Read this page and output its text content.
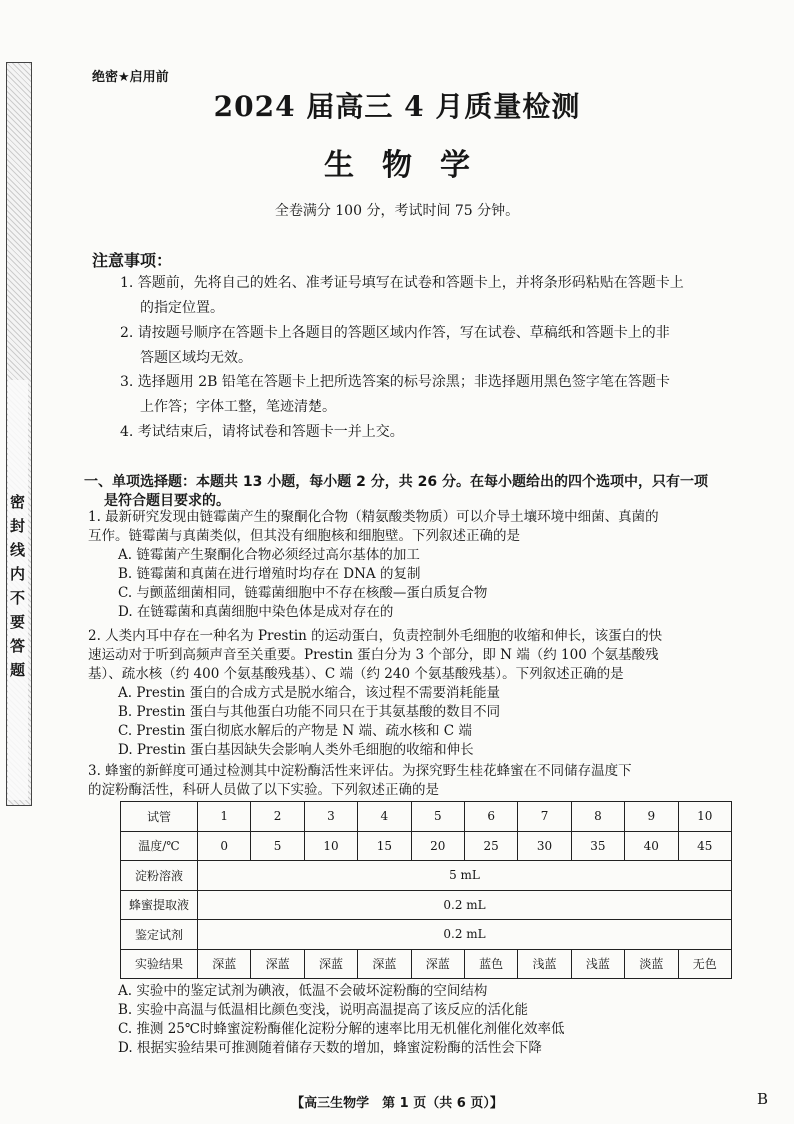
密封线内不要答题
绝密★启用前
2024 届高三 4 月质量检测
生物学
全卷满分 100 分，考试时间 75 分钟。
注意事项：
1. 答题前，先将自己的姓名、准考证号填写在试卷和答题卡上，并将条形码粘贴在答题卡上
的指定位置。
2. 请按题号顺序在答题卡上各题目的答题区域内作答，写在试卷、草稿纸和答题卡上的非
答题区域均无效。
3. 选择题用 2B 铅笔在答题卡上把所选答案的标号涂黑；非选择题用黑色签字笔在答题卡
上作答；字体工整，笔迹清楚。
4. 考试结束后，请将试卷和答题卡一并上交。
一、单项选择题：本题共 13 小题，每小题 2 分，共 26 分。在每小题给出的四个选项中，只有一项
是符合题目要求的。
1. 最新研究发现由链霉菌产生的聚酮化合物（精氨酸类物质）可以介导土壤环境中细菌、真菌的
互作。链霉菌与真菌类似，但其没有细胞核和细胞壁。下列叙述正确的是
A. 链霉菌产生聚酮化合物必须经过高尔基体的加工
B. 链霉菌和真菌在进行增殖时均存在 DNA 的复制
C. 与颤蓝细菌相同，链霉菌细胞中不存在核酸—蛋白质复合物
D. 在链霉菌和真菌细胞中染色体是成对存在的
2. 人类内耳中存在一种名为 Prestin 的运动蛋白，负责控制外毛细胞的收缩和伸长，该蛋白的快
速运动对于听到高频声音至关重要。Prestin 蛋白分为 3 个部分，即 N 端（约 100 个氨基酸残
基）、疏水核（约 400 个氨基酸残基）、C 端（约 240 个氨基酸残基）。下列叙述正确的是
A. Prestin 蛋白的合成方式是脱水缩合，该过程不需要消耗能量
B. Prestin 蛋白与其他蛋白功能不同只在于其氨基酸的数目不同
C. Prestin 蛋白彻底水解后的产物是 N 端、疏水核和 C 端
D. Prestin 蛋白基因缺失会影响人类外毛细胞的收缩和伸长
3. 蜂蜜的新鲜度可通过检测其中淀粉酶活性来评估。为探究野生桂花蜂蜜在不同储存温度下
的淀粉酶活性，科研人员做了以下实验。下列叙述正确的是
试管	1	2	3	4	5	6	7	8	9	10
温度/℃	0	5	10	15	20	25	30	35	40	45
淀粉溶液	5 mL									
蜂蜜提取液	0.2 mL									
鉴定试剂	0.2 mL									
实验结果	深蓝	深蓝	深蓝	深蓝	深蓝	蓝色	浅蓝	浅蓝	淡蓝	无色
A. 实验中的鉴定试剂为碘液，低温不会破坏淀粉酶的空间结构
B. 实验中高温与低温相比颜色变浅，说明高温提高了该反应的活化能
C. 推测 25℃时蜂蜜淀粉酶催化淀粉分解的速率比用无机催化剂催化效率低
D. 根据实验结果可推测随着储存天数的增加，蜂蜜淀粉酶的活性会下降
【高三生物学　第 1 页（共 6 页）】	B
